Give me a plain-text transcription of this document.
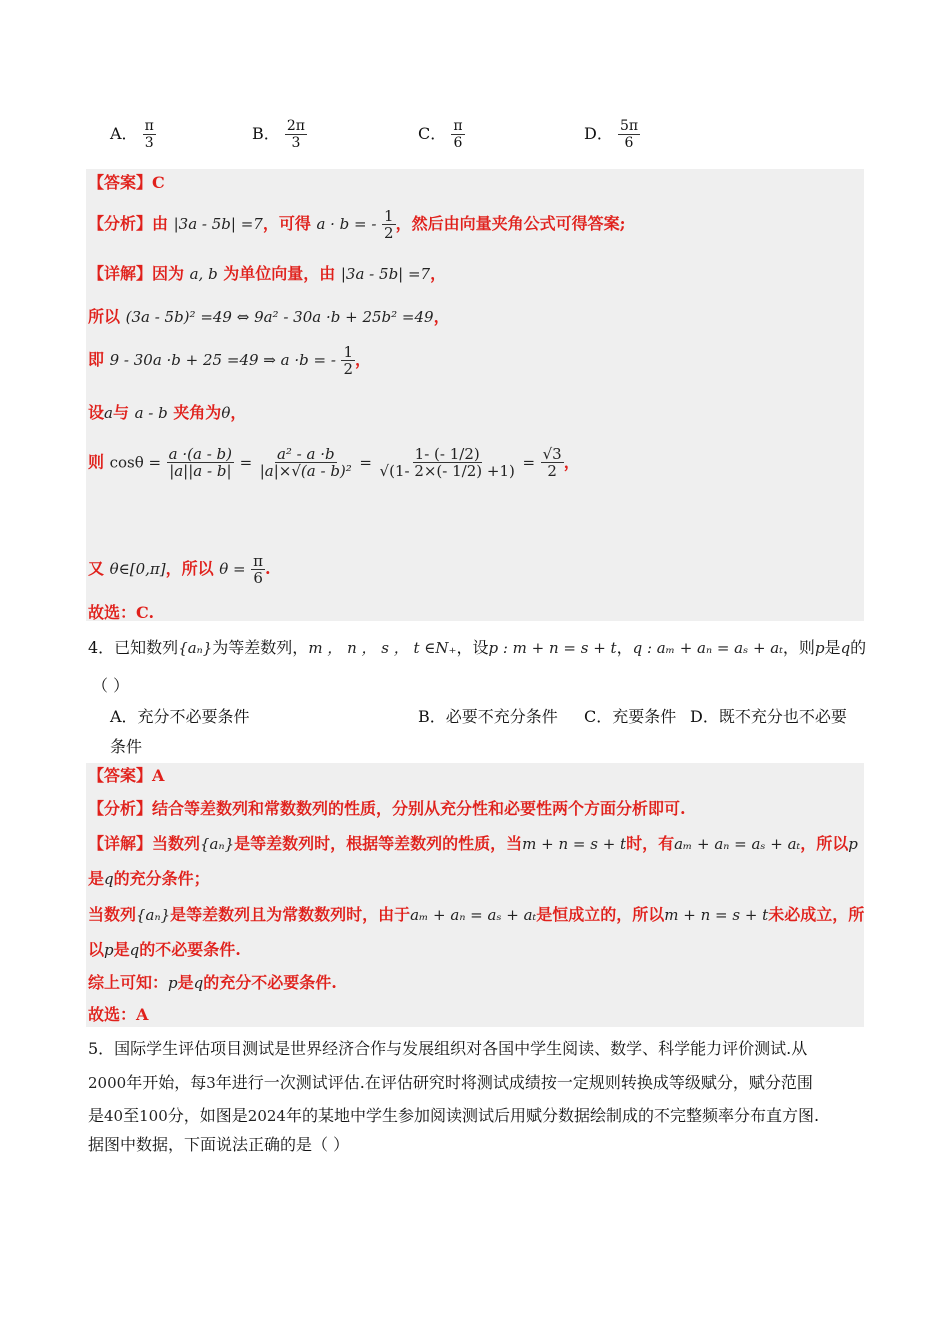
A． $\frac{\pi}{3}$	B． $\frac{2\pi}{3}$	C． $\frac{\pi}{6}$	D． $\frac{5\pi}{6}$
【答案】C
【分析】由 |3a - 5b| =7，可得 a · b = - $\frac{1}{2}$ ，然后由向量夹角公式可得答案;
【详解】因为 a, b 为单位向量，由 |3a - 5b| =7，
所以 (3a - 5b)² =49 ⇔ 9a² - 30a ·b + 25b² =49，
即 9 - 30a ·b + 25 =49 ⇒ a ·b = - $\frac{1}{2}$ ，
设a与 a - b 夹角为θ，
则 $\cos\theta = \frac{a \cdot(a - b)}{|a||a - b|} = \frac{\text{a² - a ·b}}{\text{|a|×√(a - b)²}} = \frac{1- (- 1/2)}{√(1- 2\times(- 1/2) +1)} = \frac{√3}{2}$ ，
又 θ∈[0,π]，所以 $\theta = \frac{\pi}{6}$ .
故选：C.
4．已知数列{aₙ}为等差数列，m ， n ， s ， t ∈N₊，设p : m + n = s + t，q : aₘ + aₙ = aₛ + aₜ，则p是q的
（ ）
A．充分不必要条件	B．必要不充分条件 C．充要条件 D．既不充分也不必要
条件
【答案】A
【分析】结合等差数列和常数数列的性质，分别从充分性和必要性两个方面分析即可.
【详解】当数列{aₙ}是等差数列时，根据等差数列的性质，当m + n = s + t时，有aₘ + aₙ = aₛ + aₜ，所以p
是q的充分条件；
当数列{aₙ}是等差数列且为常数数列时，由于aₘ + aₙ = aₛ + aₜ是恒成立的，所以m + n = s + t未必成立，所
以p是q的不必要条件.
综上可知：p是q的充分不必要条件.
故选：A
5．国际学生评估项目测试是世界经济合作与发展组织对各国中学生阅读、数学、科学能力评价测试.从
2000年开始，每3年进行一次测试评估.在评估研究时将测试成绩按一定规则转换成等级赋分，赋分范围
是40至100分，如图是2024年的某地中学生参加阅读测试后用赋分数据绘制成的不完整频率分布直方图.
据图中数据，下面说法正确的是（ ）
